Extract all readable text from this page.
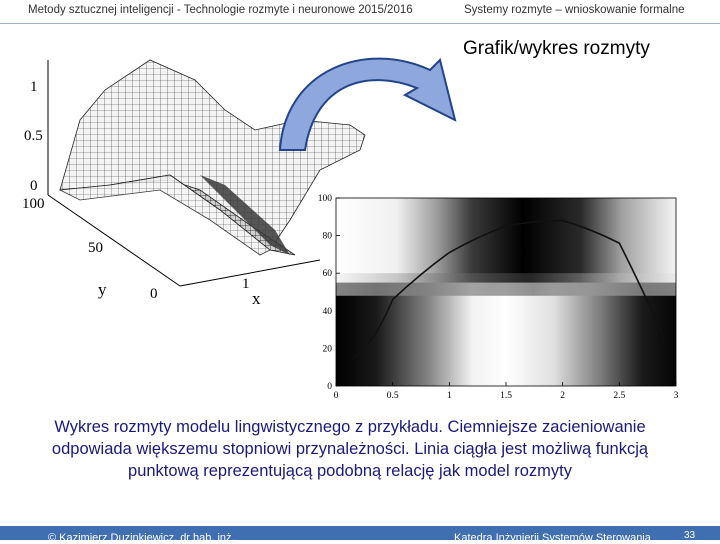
Metody sztucznej inteligencji - Technologie rozmyte i neuronowe 2015/2016	Systemy rozmyte – wnioskowanie formalne
Grafik/wykres rozmyty
1
0.5
0
100
50
0
1
y	x
0	0.5	1	1.5	2	2.5	3
0
20
40
60
80
100
Wykres rozmyty modelu lingwistycznego z przykładu. Ciemniejsze zacieniowanie odpowiada większemu stopniowi przynależności. Linia ciągła jest możliwą funkcją punktową reprezentującą podobną relację jak model rozmyty
© Kazimierz Duzinkiewicz, dr hab. inż.	Katedra Inżynierii Systemów Sterowania	33
